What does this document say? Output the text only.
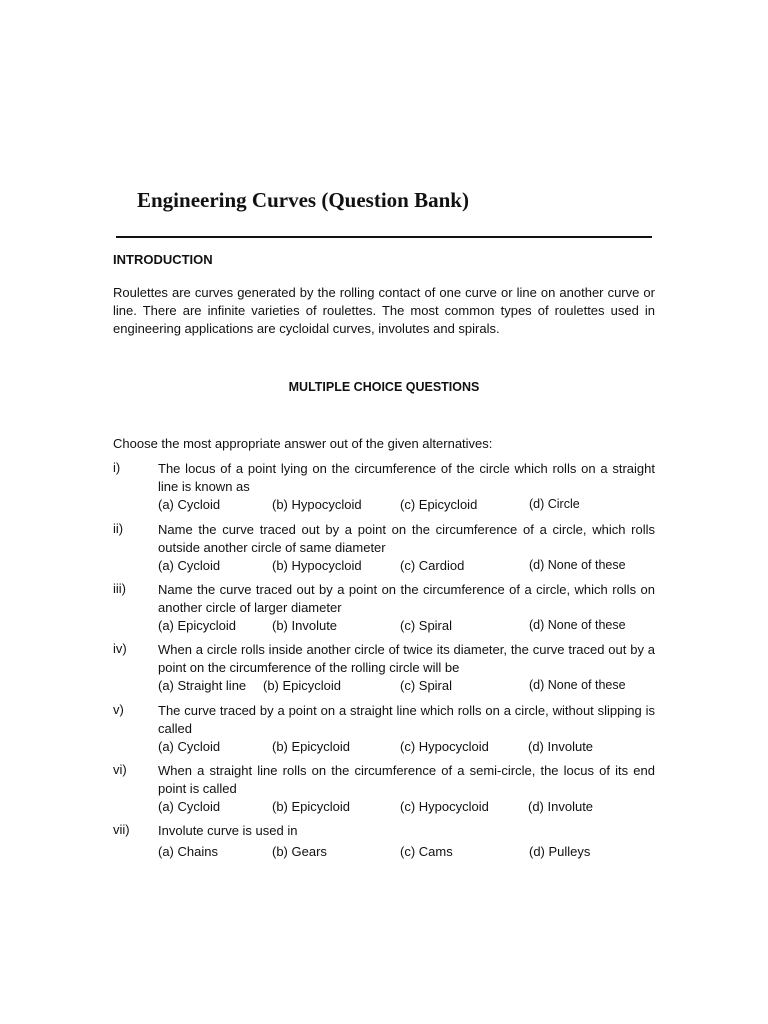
Engineering Curves (Question Bank)
INTRODUCTION

Roulettes are curves generated by the rolling contact of one curve or line on another curve or line. There are infinite varieties of roulettes. The most common types of roulettes used in engineering applications are cycloidal curves, involutes and spirals.

MULTIPLE CHOICE QUESTIONS

Choose the most appropriate answer out of the given alternatives:

i)	The locus of a point lying on the circumference of the circle which rolls on a straight line is known as
(a) Cycloid	(b) Hypocycloid	(c) Epicycloid	(d) Circle
ii)	Name the curve traced out by a point on the circumference of a circle, which rolls outside another circle of same diameter
(a) Cycloid	(b) Hypocycloid	(c) Cardiod	(d) None of these
iii) Name the curve traced out by a point on the circumference of a circle, which rolls on another circle of larger diameter
(a) Epicycloid	(b) Involute	(c) Spiral	(d) None of these
iv) When a circle rolls inside another circle of twice its diameter, the curve traced out by a point on the circumference of the rolling circle will be
(a) Straight line (b) Epicycloid	(c) Spiral	(d) None of these
v)	The curve traced by a point on a straight line which rolls on a circle, without slipping is called
(a) Cycloid	(b) Epicycloid	(c) Hypocycloid	(d) Involute
vi) When a straight line rolls on the circumference of a semi-circle, the locus of its end point is called
(a) Cycloid	(b) Epicycloid	(c) Hypocycloid	(d) Involute
vii) Involute curve is used in
(a) Chains	(b) Gears	(c) Cams	(d) Pulleys
